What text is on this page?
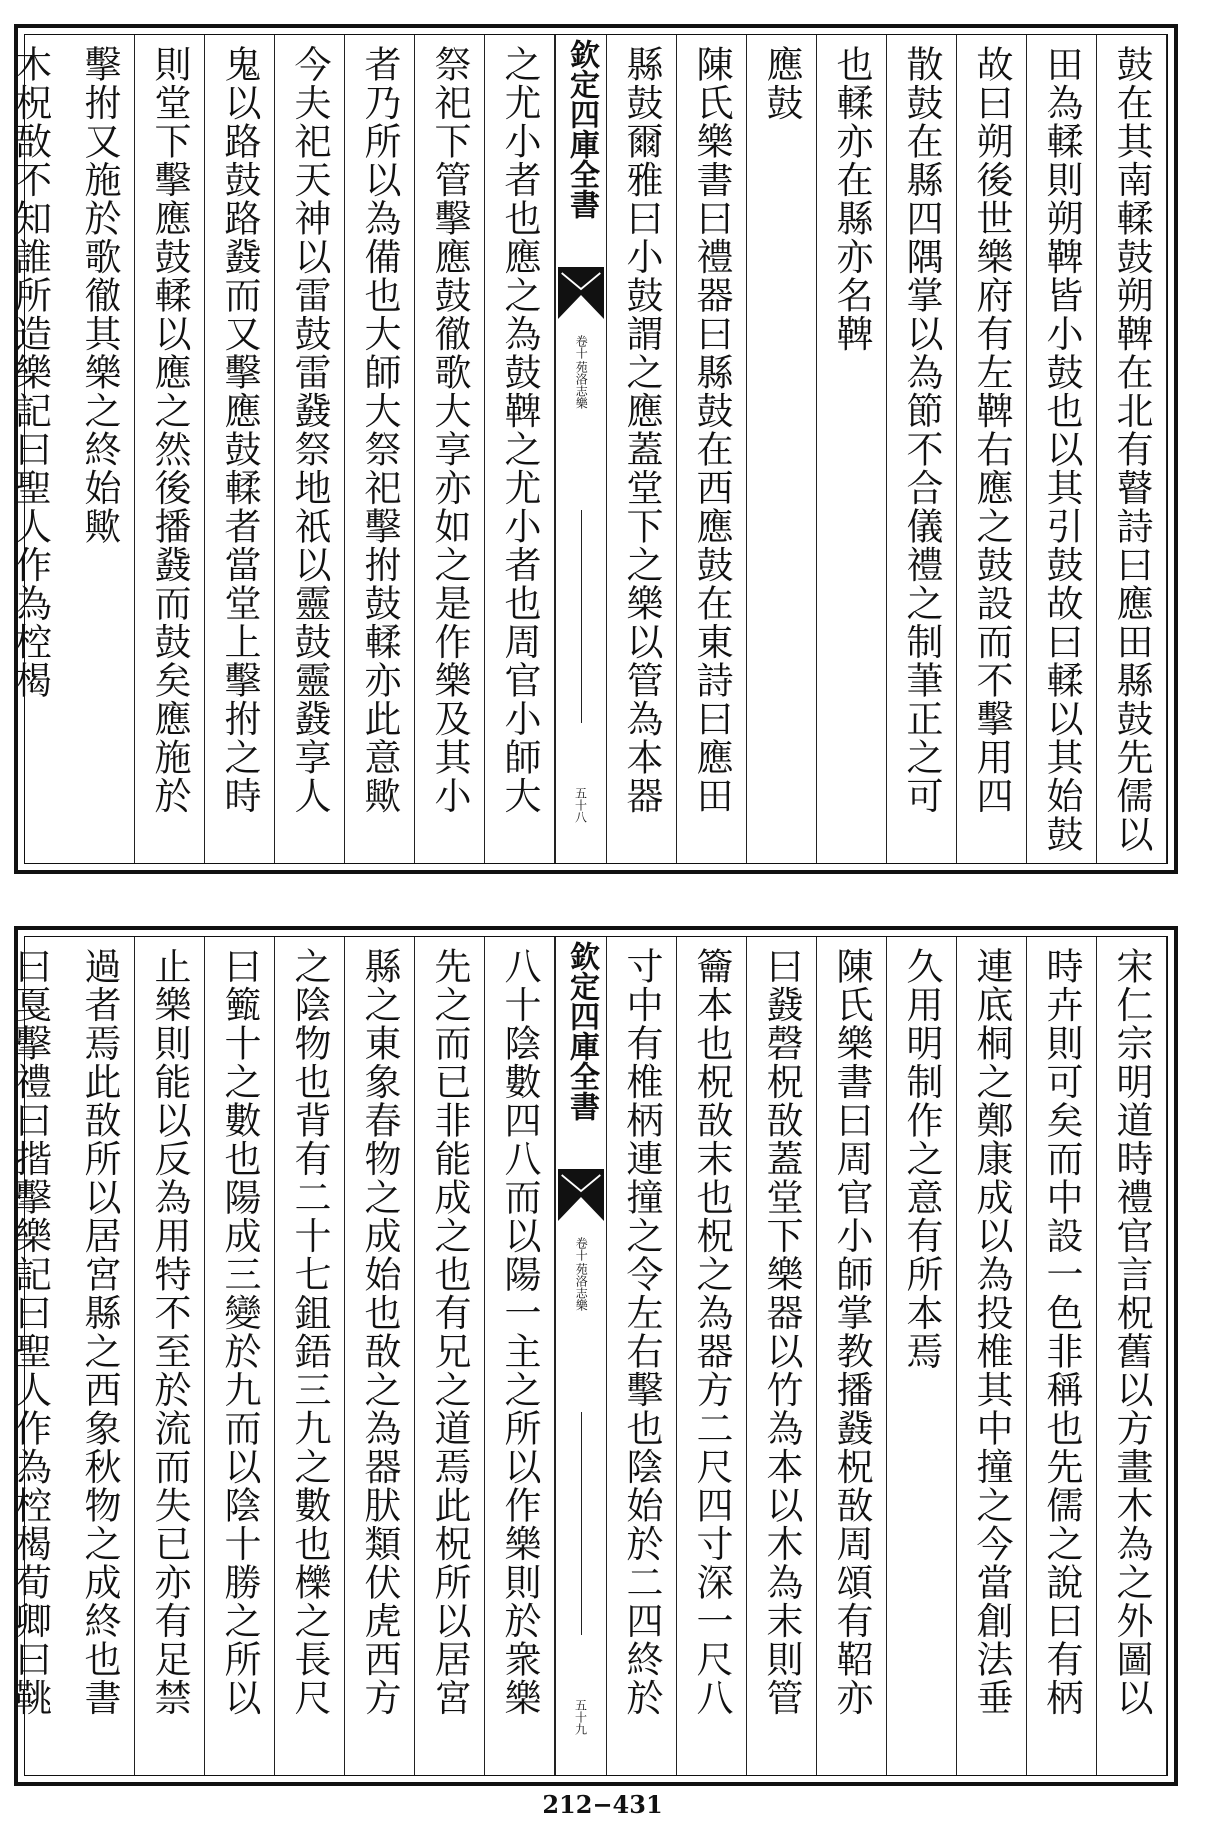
鼓在其南輮鼓朔鞞在北有瞽詩曰應田縣鼓先儒以
田為輮則朔鞞皆小鼓也以其引鼓故曰輮以其始鼓
故曰朔後世樂府有左鞞右應之鼓設而不擊用四
散鼓在縣四隅掌以為節不合儀禮之制茟正之可
也輮亦在縣亦名鞞
應鼓
陳氏樂書曰禮器曰縣鼓在西應鼓在東詩曰應田
縣鼓爾雅曰小鼓謂之應蓋堂下之樂以管為本器
欽定四庫全書
苑洛志樂
卷十
五十八
之尤小者也應之為鼓鞞之尤小者也周官小師大
祭祀下管擊應鼓徹歌大享亦如之是作樂及其小
者乃所以為備也大師大祭祀擊拊鼓輮亦此意歟
今夫祀天神以雷鼓雷鼗祭地祇以靈鼓靈鼗享人
鬼以路鼓路鼗而又擊應鼓輮者當堂上擊拊之時
則堂下擊應鼓輮以應之然後播鼗而鼓矣應施於
擊拊又施於歌徹其樂之終始歟
木柷敔不知誰所造樂記曰聖人作為椌楬
宋仁宗明道時禮官言柷舊以方畫木為之外圖以
時卉則可矣而中設一色非稱也先儒之說曰有柄
連底桐之鄭康成以為投椎其中撞之今當創法垂
久用明制作之意有所本焉
陳氏樂書曰周官小師掌教播鼗柷敔周頌有鞀亦
曰鼗磬柷敔蓋堂下樂器以竹為本以木為末則管
籥本也柷敔末也柷之為器方二尺四寸深一尺八
寸中有椎柄連撞之令左右擊也陰始於二四終於
欽定四庫全書
苑洛志樂
卷十
五十九
八十陰數四八而以陽一主之所以作樂則於衆樂
先之而已非能成之也有兄之道焉此柷所以居宮
縣之東象春物之成始也敔之為器肰類伏虎西方
之陰物也背有二十七鉏鋙三九之數也櫟之長尺
曰籈十之數也陽成三變於九而以陰十勝之所以
止樂則能以反為用特不至於流而失已亦有足禁
過者焉此敔所以居宮縣之西象秋物之成終也書
曰戛擊禮曰揩擊樂記曰聖人作為椌楬荀卿曰鞉
212−431
